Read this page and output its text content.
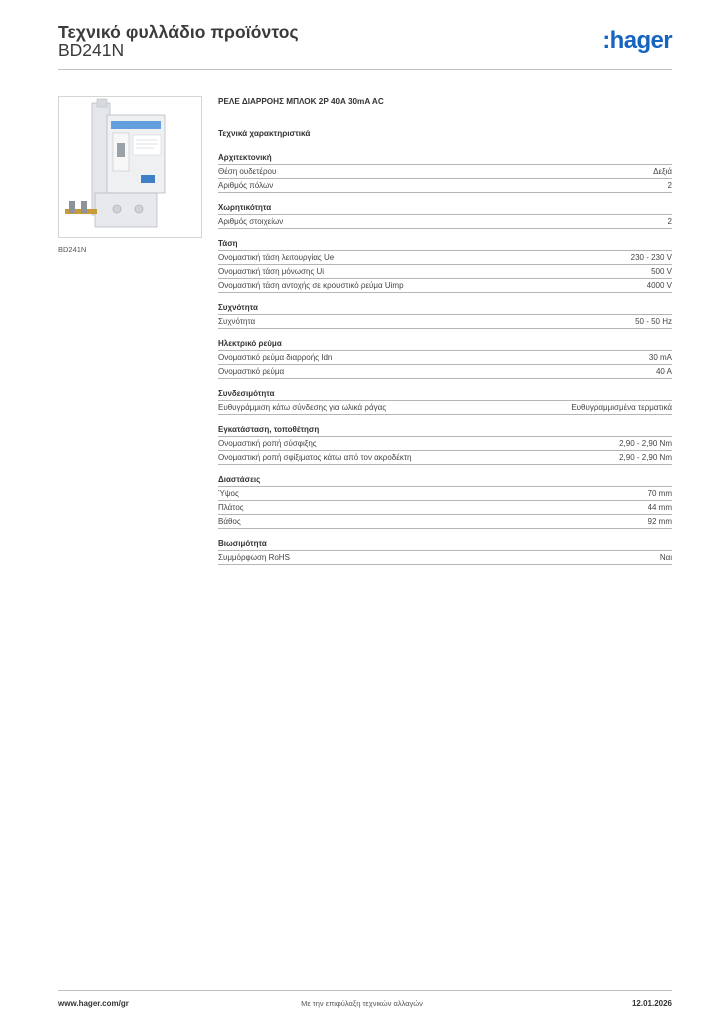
Τεχνικό φυλλάδιο προϊόντος
BD241N	:hager
BD241N
ΡΕΛΕ ΔΙΑΡΡΟΗΣ ΜΠΛΟΚ 2P 40A 30mA AC
Τεχνικά χαρακτηριστικά
Αρχιτεκτονική
Θέση ουδετέρου	Δεξιά
Αριθμός πόλων	2
Χωρητικότητα
Αριθμός στοιχείων	2
Τάση
Ονομαστική τάση λειτουργίας Ue	230 - 230 V
Ονομαστική τάση μόνωσης Ui	500 V
Ονομαστική τάση αντοχής σε κρουστικό ρεύμα Uimp	4000 V
Συχνότητα
Συχνότητα	50 - 50 Hz
Ηλεκτρικό ρεύμα
Ονομαστικό ρεύμα διαρροής Idn	30 mA
Ονομαστικό ρεύμα	40 A
Συνδεσιμότητα
Ευθυγράμμιση κάτω σύνδεσης για ωλικά ράγας	Ευθυγραμμισμένα τερματικά
Εγκατάσταση, τοποθέτηση
Ονομαστική ροπή σύσφιξης	2,90 - 2,90 Nm
Ονομαστική ροπή σφίξιματος κάτω από τον ακροδέκτη	2,90 - 2,90 Nm
Διαστάσεις
Ύψος	70 mm
Πλάτος	44 mm
Βάθος	92 mm
Βιωσιμότητα
Συμμόρφωση RoHS	Ναι
www.hager.com/gr	Με την επιφύλαξη τεχνικών αλλαγών	12.01.2026
